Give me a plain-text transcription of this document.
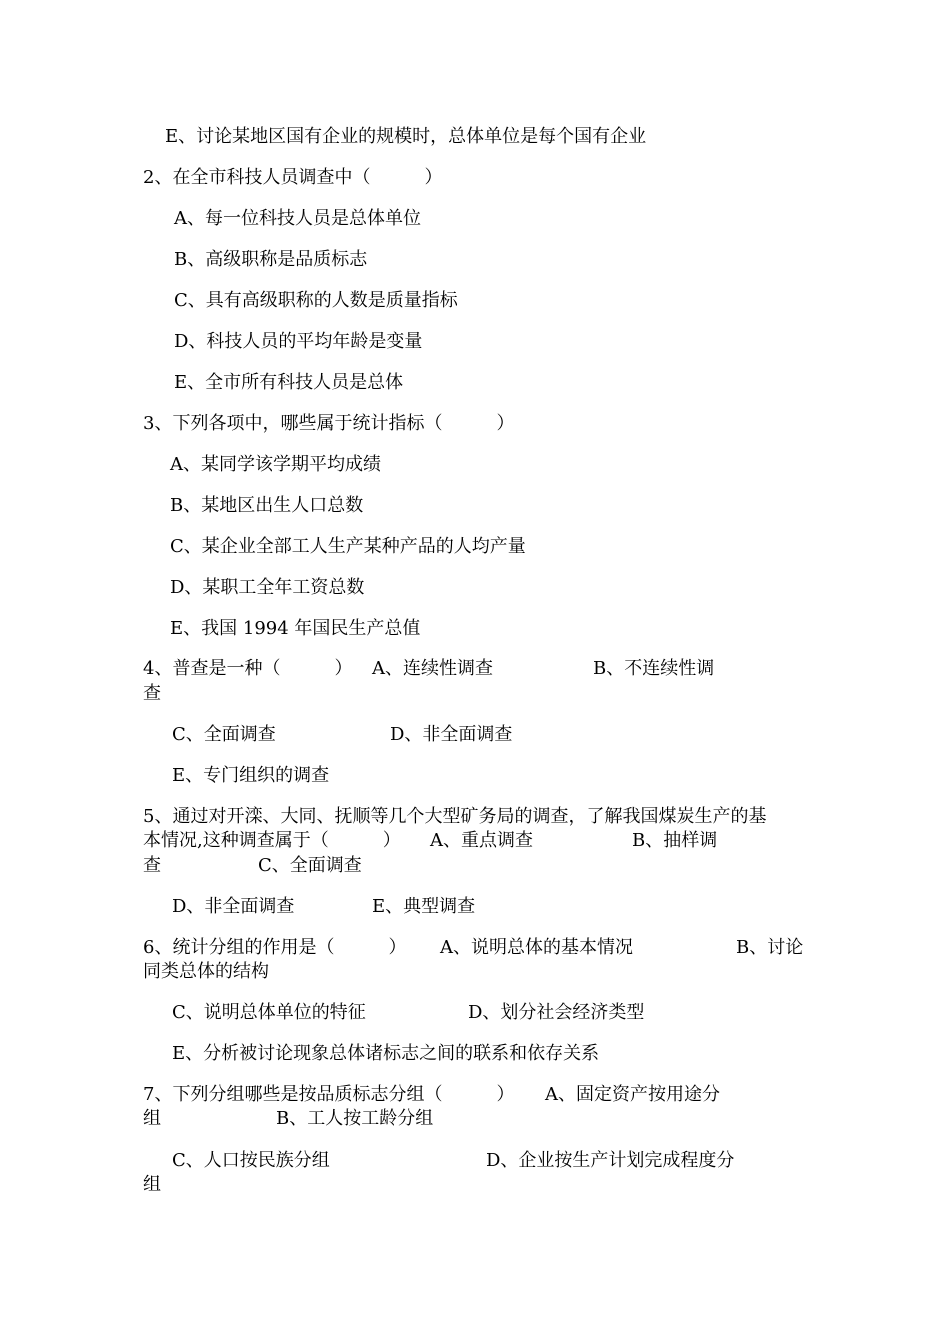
E、讨论某地区国有企业的规模时，总体单位是每个国有企业
2、在全市科技人员调查中（　　　）
A、每一位科技人员是总体单位
B、高级职称是品质标志
C、具有高级职称的人数是质量指标
D、科技人员的平均年龄是变量
E、全市所有科技人员是总体
3、下列各项中，哪些属于统计指标（　　　）
A、某同学该学期平均成绩
B、某地区出生人口总数
C、某企业全部工人生产某种产品的人均产量
D、某职工全年工资总数
E、我国 1994 年国民生产总值
4、普查是一种（　　　） A、连续性调查	B、不连续性调
查
C、全面调查	D、非全面调查
E、专门组织的调查
5、通过对开滦、大同、抚顺等几个大型矿务局的调查，了解我国煤炭生产的基
本情况,这种调查属于（　　　） A、重点调查	B、抽样调
查	C、全面调查
D、非全面调查	E、典型调查
6、统计分组的作用是（　　　） A、说明总体的基本情况	B、讨论
同类总体的结构
C、说明总体单位的特征	D、划分社会经济类型
E、分析被讨论现象总体诸标志之间的联系和依存关系
7、下列分组哪些是按品质标志分组（　　　） A、固定资产按用途分
组	B、工人按工龄分组
C、人口按民族分组	D、企业按生产计划完成程度分
组
